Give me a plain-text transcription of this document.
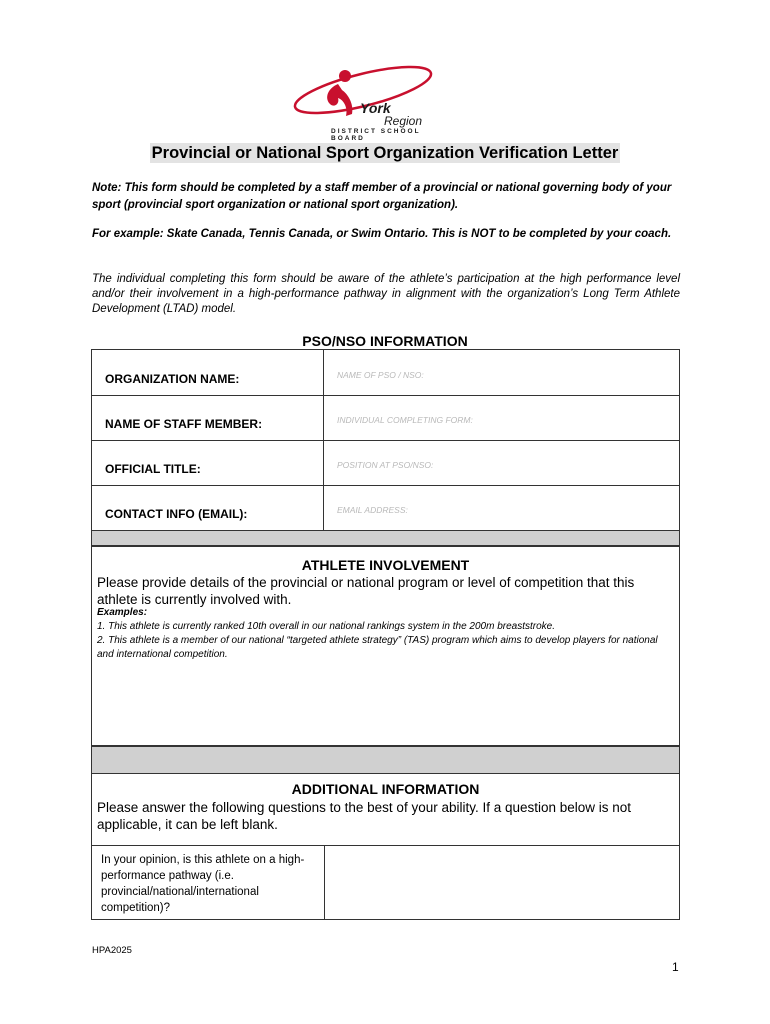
York
Region
DISTRICT SCHOOL BOARD
Provincial or National Sport Organization Verification Letter
Note: This form should be completed by a staff member of a provincial or national governing body of your sport (provincial sport organization or national sport organization).
For example: Skate Canada, Tennis Canada, or Swim Ontario. This is NOT to be completed by your coach.
The individual completing this form should be aware of the athlete’s participation at the high performance level and/or their involvement in a high-performance pathway in alignment with the organization’s Long Term Athlete Development (LTAD) model.
PSO/NSO INFORMATION
ORGANIZATION NAME:	NAME OF PSO / NSO:
NAME OF STAFF MEMBER:	INDIVIDUAL COMPLETING FORM:
OFFICIAL TITLE:	POSITION AT PSO/NSO:
CONTACT INFO (EMAIL):	EMAIL ADDRESS:
ATHLETE INVOLVEMENT
Please provide details of the provincial or national program or level of competition that this athlete is currently involved with.
Examples:
1. This athlete is currently ranked 10th overall in our national rankings system in the 200m breaststroke.
2. This athlete is a member of our national “targeted athlete strategy” (TAS) program which aims to develop players for national and international competition.
ADDITIONAL INFORMATION
Please answer the following questions to the best of your ability. If a question below is not applicable, it can be left blank.
In your opinion, is this athlete on a high-performance pathway (i.e. provincial/national/international competition)?
HPA2025
1
